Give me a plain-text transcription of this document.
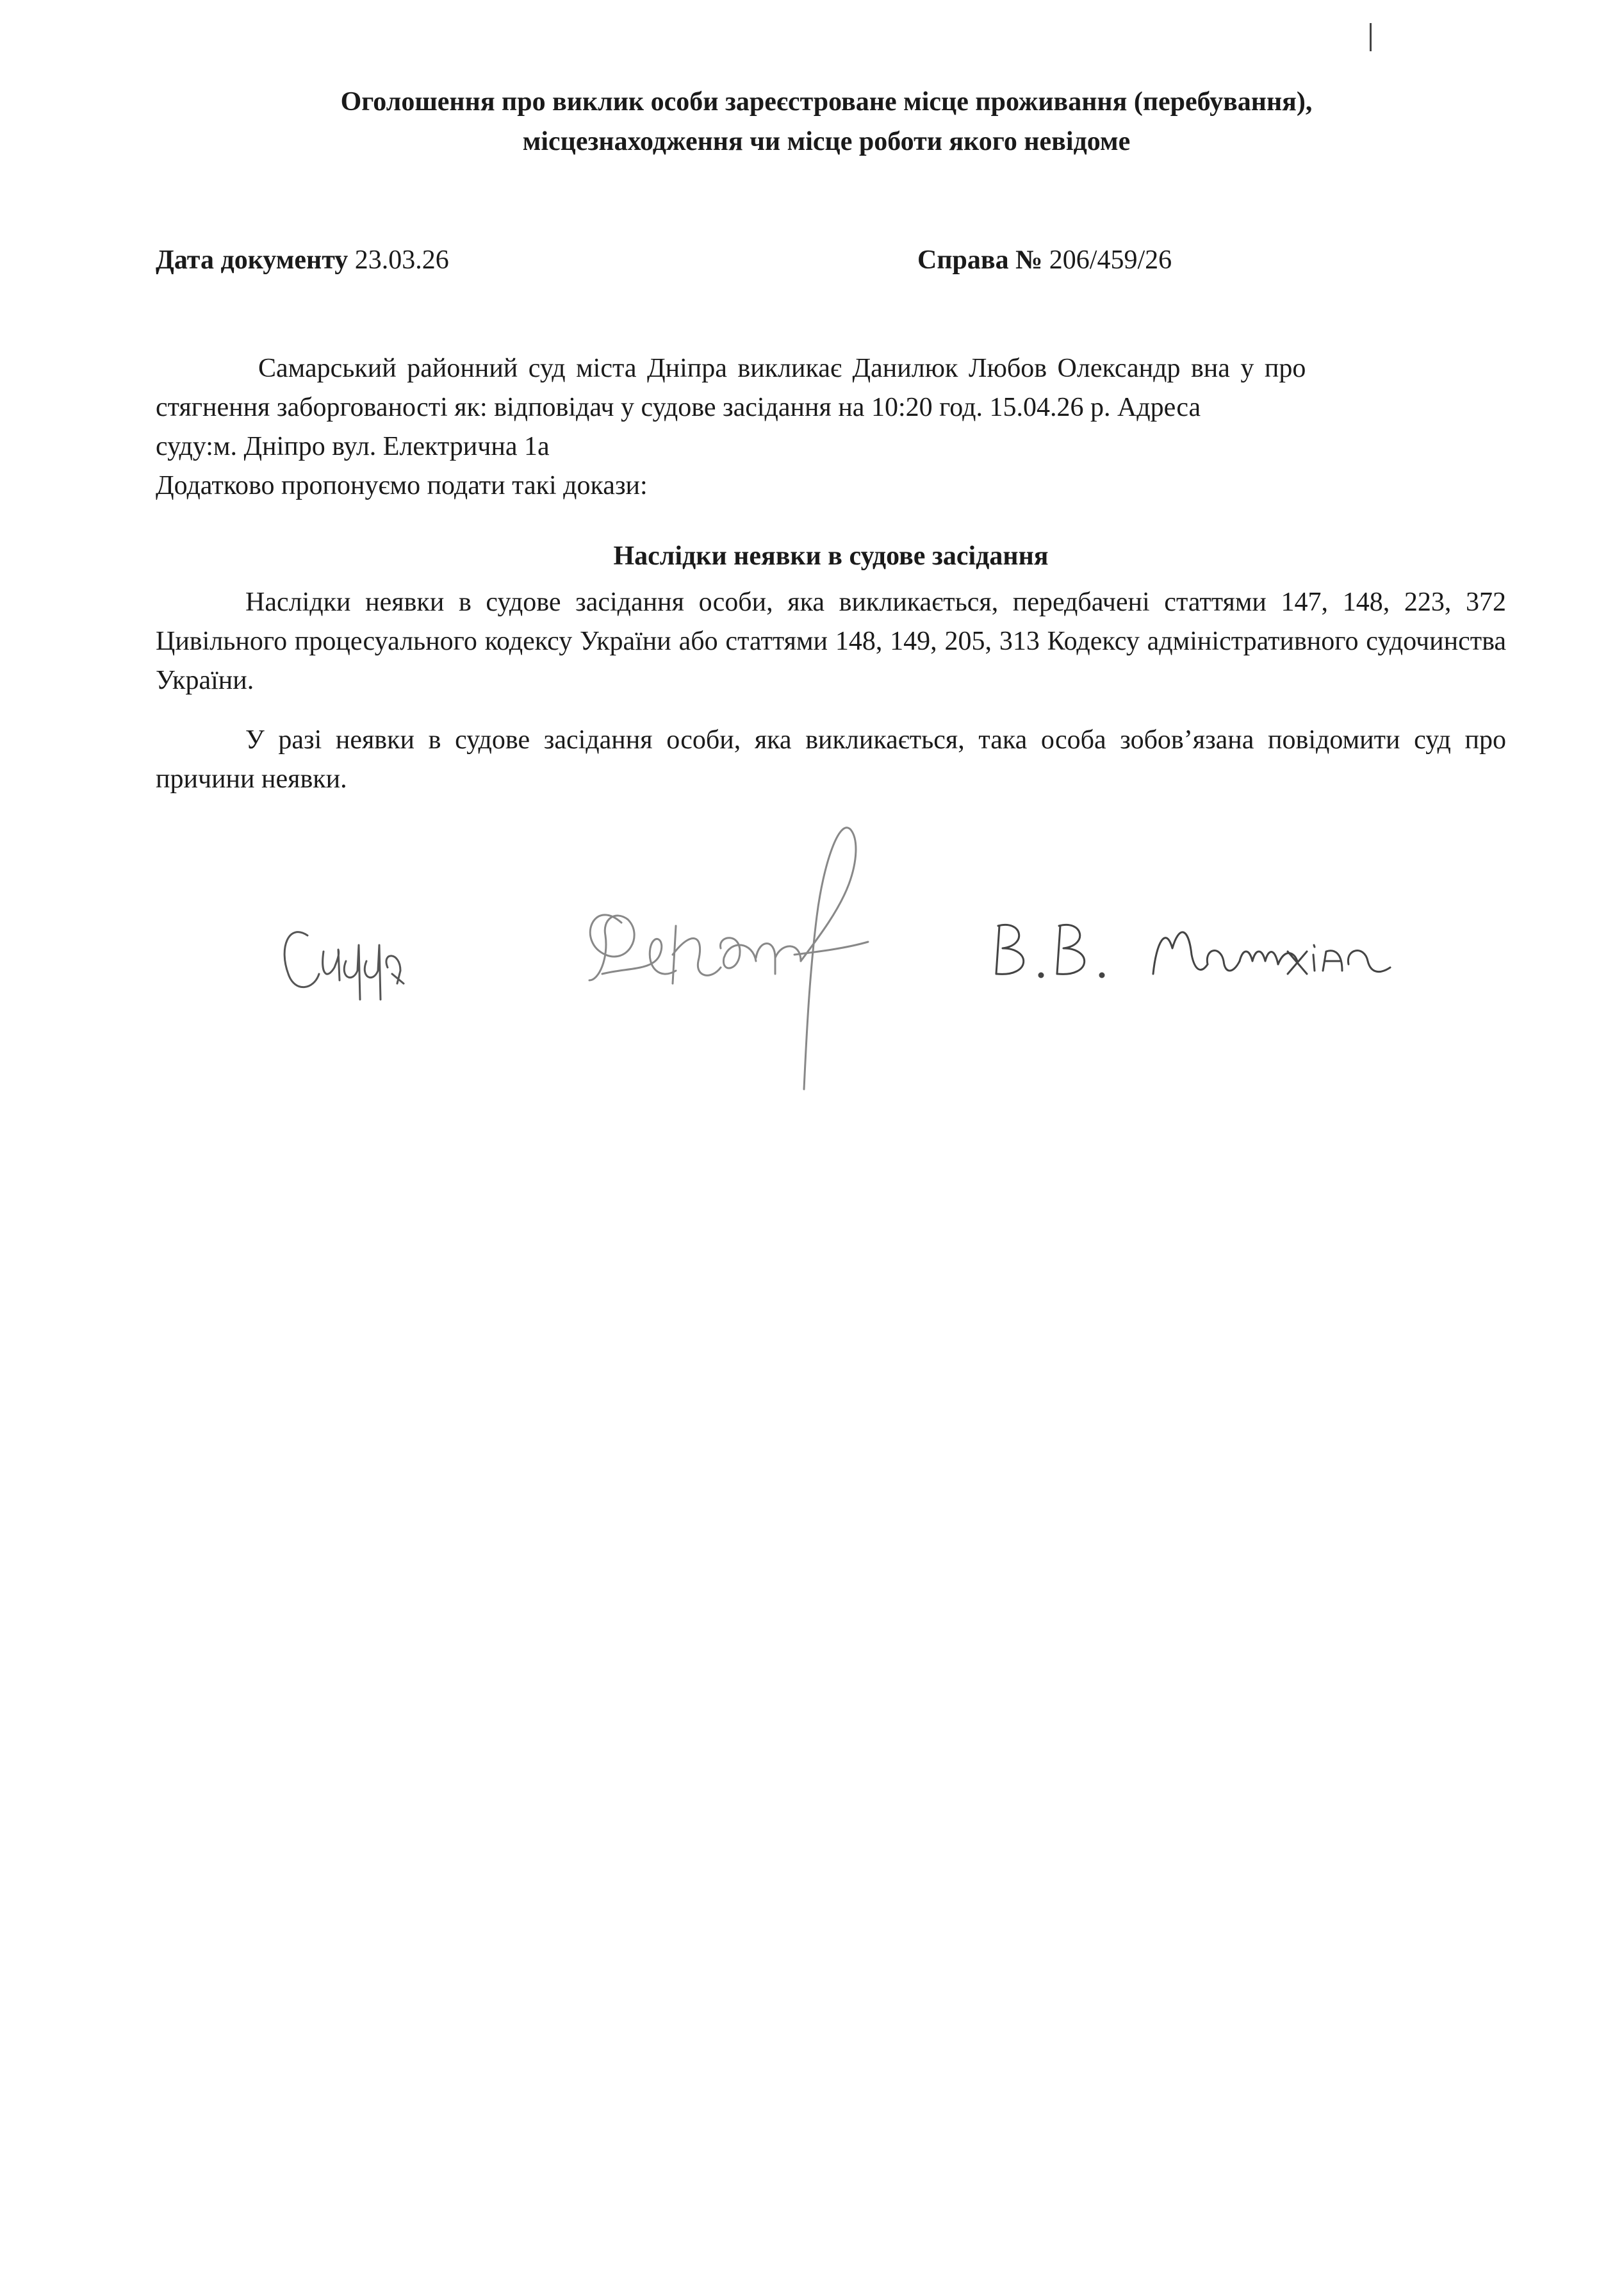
Оголошення про виклик особи зареєстроване місце проживання (перебування),
місцезнаходження чи місце роботи якого невідоме
Дата документу 23.03.26	Справа № 206/459/26

Самарський районний суд міста Дніпра викликає Данилюк Любов Олександр вна у про

стягнення заборгованості як: відповідач у судове засідання на 10:20 год. 15.04.26 р. Адреса

суду:м. Дніпро вул. Електрична 1а

Додатково пропонуємо подати такі докази:

Наслідки неявки в судове засідання

Наслідки неявки в судове засідання особи, яка викликається, передбачені статтями 147, 148, 223, 372 Цивільного процесуального кодексу України або статтями 148, 149, 205, 313 Кодексу адміністративного судочинства України.

У разі неявки в судове засідання особи, яка викликається, така особа зобов’язана повідомити суд про причини неявки.
